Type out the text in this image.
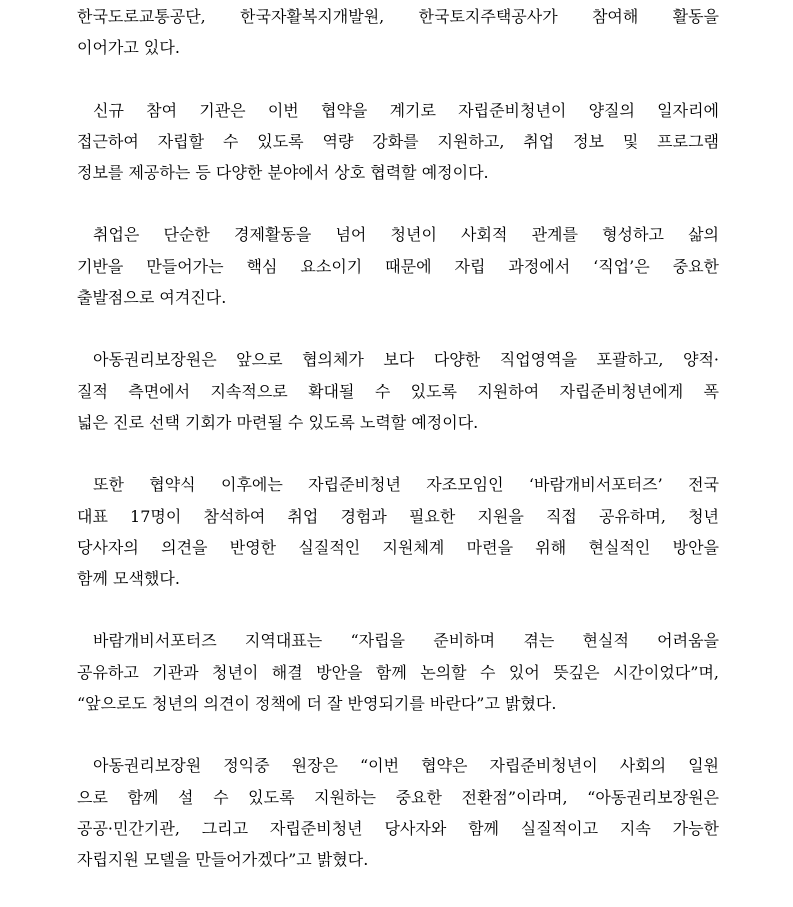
한국도로교통공단, 한국자활복지개발원, 한국토지주택공사가 참여해 활동을
이어가고 있다.
신규 참여 기관은 이번 협약을 계기로 자립준비청년이 양질의 일자리에
접근하여 자립할 수 있도록 역량 강화를 지원하고, 취업 정보 및 프로그램
정보를 제공하는 등 다양한 분야에서 상호 협력할 예정이다.
취업은 단순한 경제활동을 넘어 청년이 사회적 관계를 형성하고 삶의
기반을 만들어가는 핵심 요소이기 때문에 자립 과정에서 ‘직업’은 중요한
출발점으로 여겨진다.
아동권리보장원은 앞으로 협의체가 보다 다양한 직업영역을 포괄하고, 양적·
질적 측면에서 지속적으로 확대될 수 있도록 지원하여 자립준비청년에게 폭
넓은 진로 선택 기회가 마련될 수 있도록 노력할 예정이다.
또한 협약식 이후에는 자립준비청년 자조모임인 ‘바람개비서포터즈’ 전국
대표 17명이 참석하여 취업 경험과 필요한 지원을 직접 공유하며, 청년
당사자의 의견을 반영한 실질적인 지원체계 마련을 위해 현실적인 방안을
함께 모색했다.
바람개비서포터즈 지역대표는 “자립을 준비하며 겪는 현실적 어려움을
공유하고 기관과 청년이 해결 방안을 함께 논의할 수 있어 뜻깊은 시간이었다”며,
“앞으로도 청년의 의견이 정책에 더 잘 반영되기를 바란다”고 밝혔다.
아동권리보장원 정익중 원장은 “이번 협약은 자립준비청년이 사회의 일원
으로 함께 설 수 있도록 지원하는 중요한 전환점”이라며, “아동권리보장원은
공공·민간기관, 그리고 자립준비청년 당사자와 함께 실질적이고 지속 가능한
자립지원 모델을 만들어가겠다”고 밝혔다.
